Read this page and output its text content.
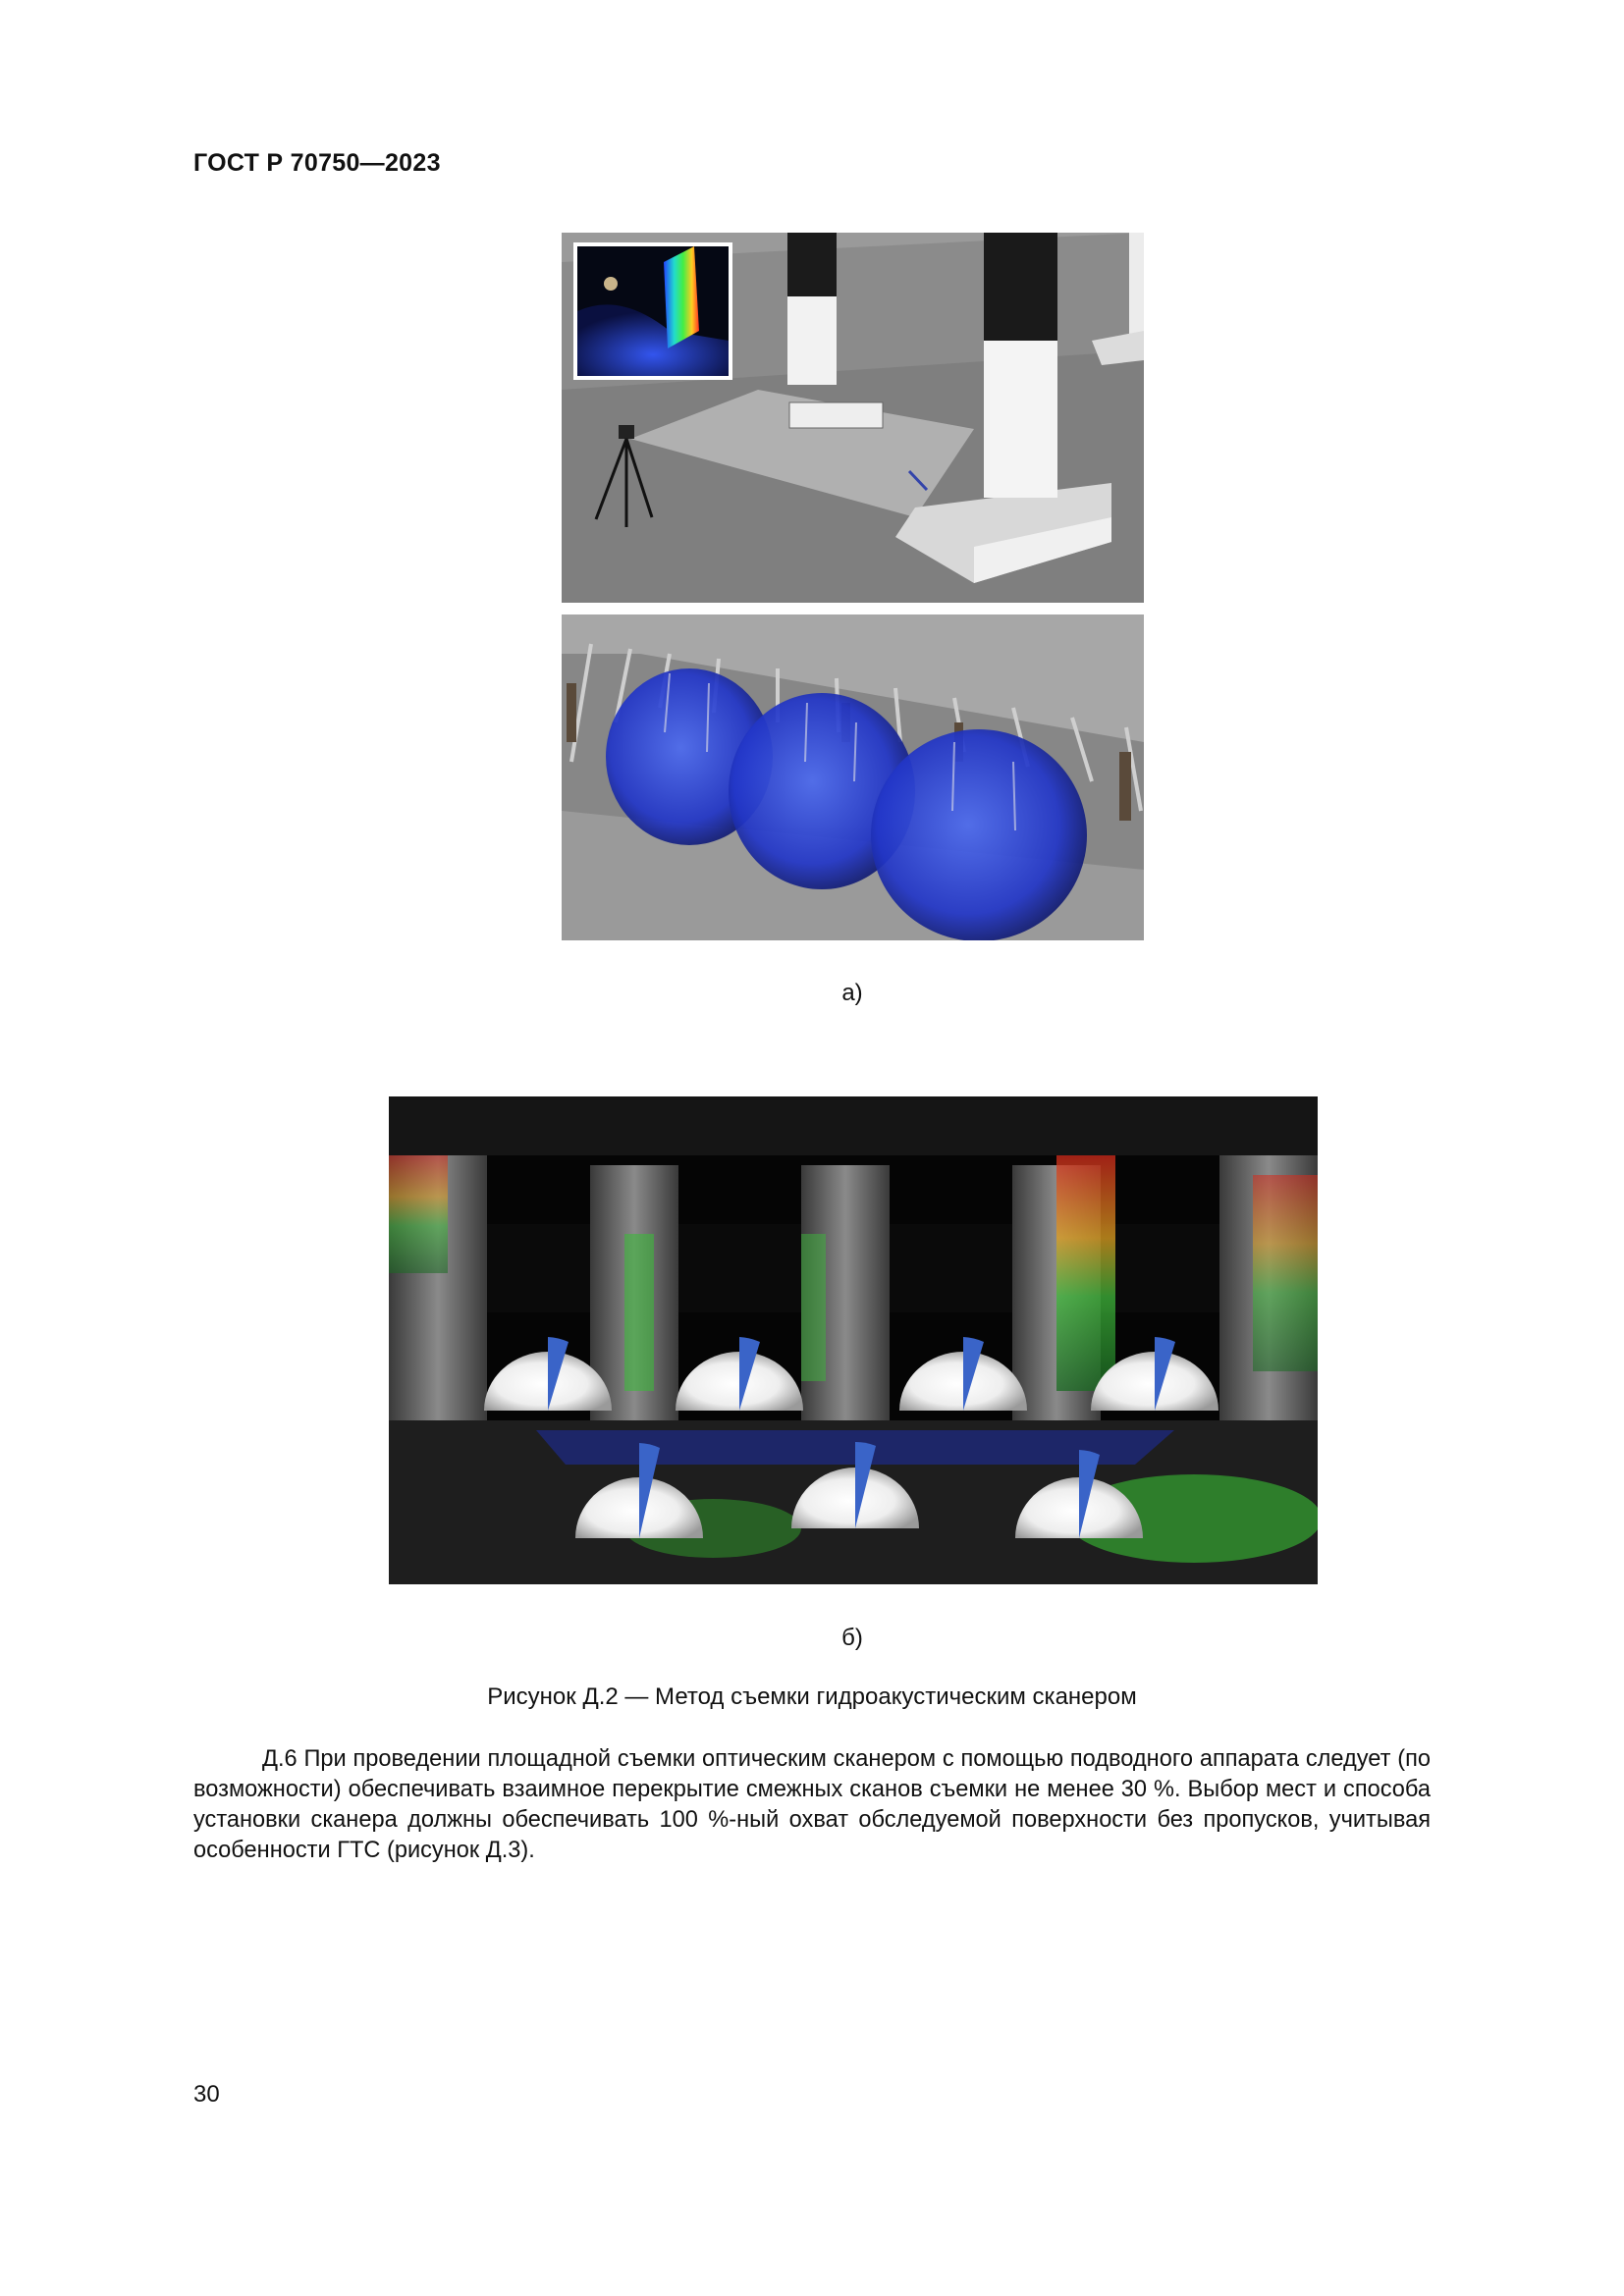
ГОСТ Р 70750—2023
а)
б)
Рисунок Д.2 — Метод съемки гидроакустическим сканером
Д.6 При проведении площадной съемки оптическим сканером с помощью подводного аппарата следует (по возможности) обеспечивать взаимное перекрытие смежных сканов съемки не менее 30 %. Выбор мест и способа установки сканера должны обеспечивать 100 %-ный охват обследуемой поверхности без пропусков, учитывая особенности ГТС (рисунок Д.3).
30
